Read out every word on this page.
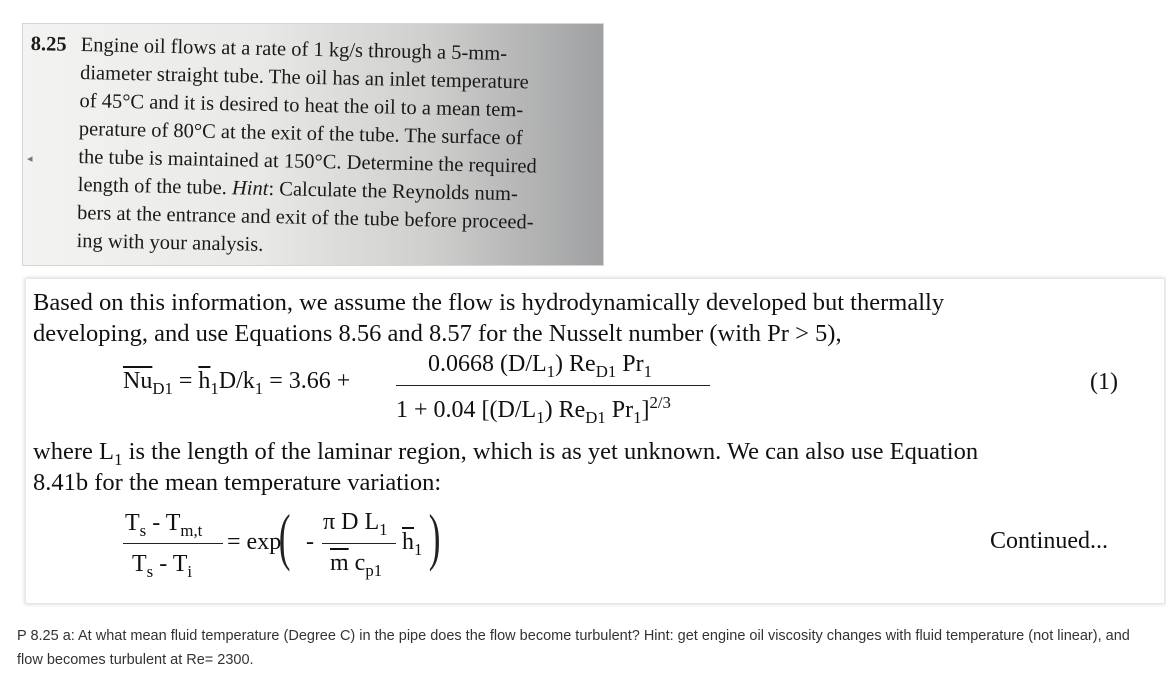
8.25 Engine oil flows at a rate of 1 kg/s through a 5-mm-
diameter straight tube. The oil has an inlet temperature
of 45°C and it is desired to heat the oil to a mean tem-
perature of 80°C at the exit of the tube. The surface of
the tube is maintained at 150°C. Determine the required
length of the tube. Hint: Calculate the Reynolds num-
bers at the entrance and exit of the tube before proceed-
ing with your analysis.
◂
Based on this information, we assume the flow is hydrodynamically developed but thermally
developing, and use Equations 8.56 and 8.57 for the Nusselt number (with Pr > 5),
$\overline{Nu}_{D1} = \overline{h}_1D/k_1 = 3.66$ +
0.0668 $(D/L_1)$ $Re_{D1}$ $Pr_1$
1 + 0.04 [$(D/L_1)$ $Re_{D1}$ $Pr_1]^{2/3}$
(1)
where $L_1$ is the length of the laminar region, which is as yet unknown. We can also use Equation
8.41b for the mean temperature variation:
$T_s - T_{m,t}$
$T_s - T_i$
= exp
( -
π D $L_1$
$\overline{m}$ $c_{p1}$
$\overline{h}_1$ )	Continued...
P 8.25 a: At what mean fluid temperature (Degree C) in the pipe does the flow become turbulent? Hint: get engine oil viscosity changes with fluid temperature (not linear), and flow becomes turbulent at Re= 2300.
